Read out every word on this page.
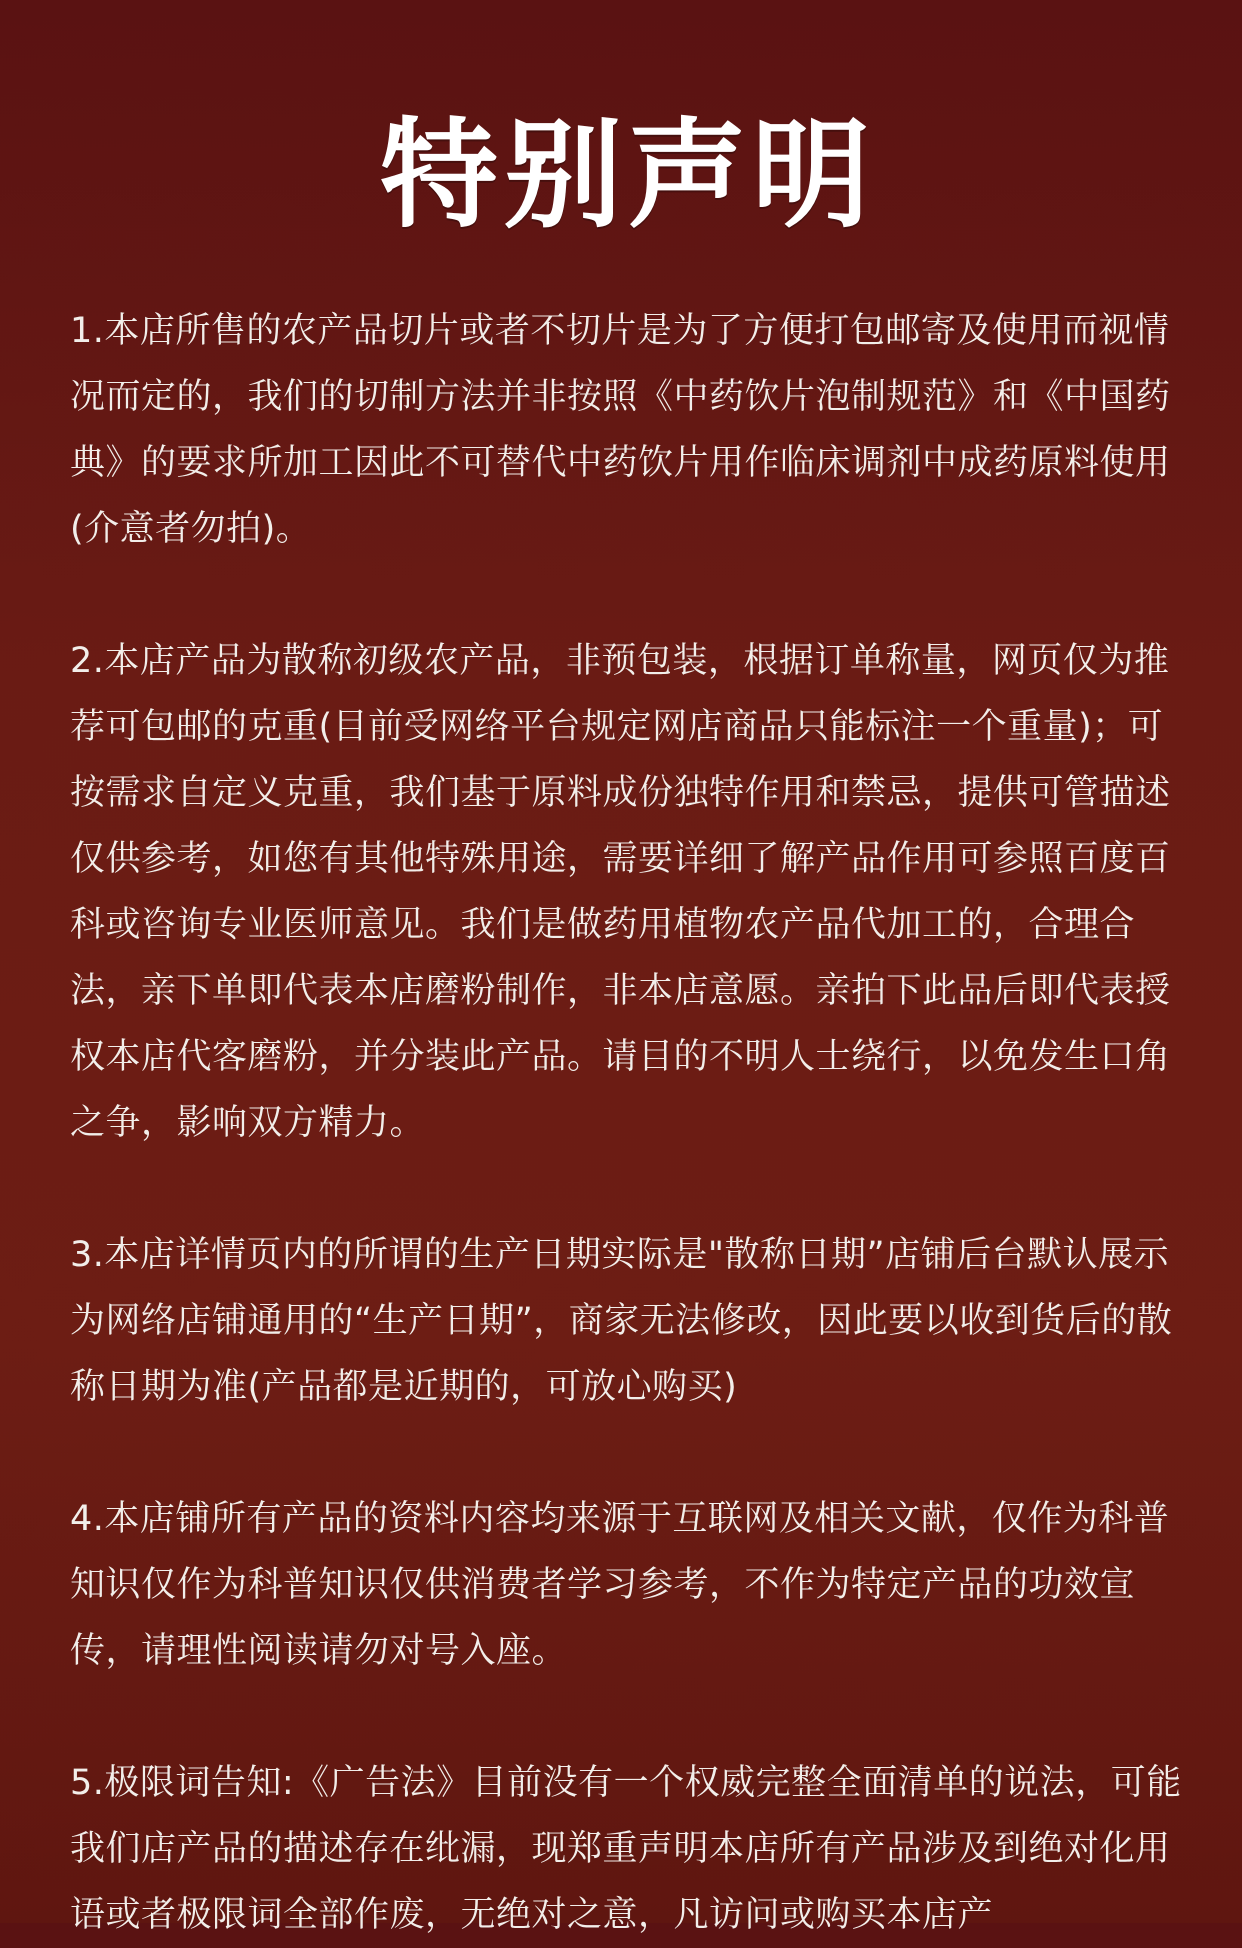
特别声明

1.本店所售的农产品切片或者不切片是为了方便打包邮寄及使用而视情况而定的，我们的切制方法并非按照《中药饮片泡制规范》和《中国药典》的要求所加工因此不可替代中药饮片用作临床调剂中成药原料使用(介意者勿拍)。

2.本店产品为散称初级农产品，非预包装，根据订单称量，网页仅为推荐可包邮的克重(目前受网络平台规定网店商品只能标注一个重量)；可按需求自定义克重，我们基于原料成份独特作用和禁忌，提供可管描述仅供参考，如您有其他特殊用途，需要详细了解产品作用可参照百度百科或咨询专业医师意见。我们是做药用植物农产品代加工的，合理合法，亲下单即代表本店磨粉制作，非本店意愿。亲拍下此品后即代表授权本店代客磨粉，并分装此产品。请目的不明人士绕行，以免发生口角之争，影响双方精力。

3.本店详情页内的所谓的生产日期实际是"散称日期”店铺后台默认展示为网络店铺通用的“生产日期”，商家无法修改，因此要以收到货后的散称日期为准(产品都是近期的，可放心购买)

4.本店铺所有产品的资料内容均来源于互联网及相关文献，仅作为科普知识仅作为科普知识仅供消费者学习参考，不作为特定产品的功效宣传，请理性阅读请勿对号入座。

5.极限词告知:《广告法》目前没有一个权威完整全面清单的说法，可能我们店产品的描述存在纰漏，现郑重声明本店所有产品涉及到绝对化用语或者极限词全部作废，无绝对之意，凡访问或购买本店产
